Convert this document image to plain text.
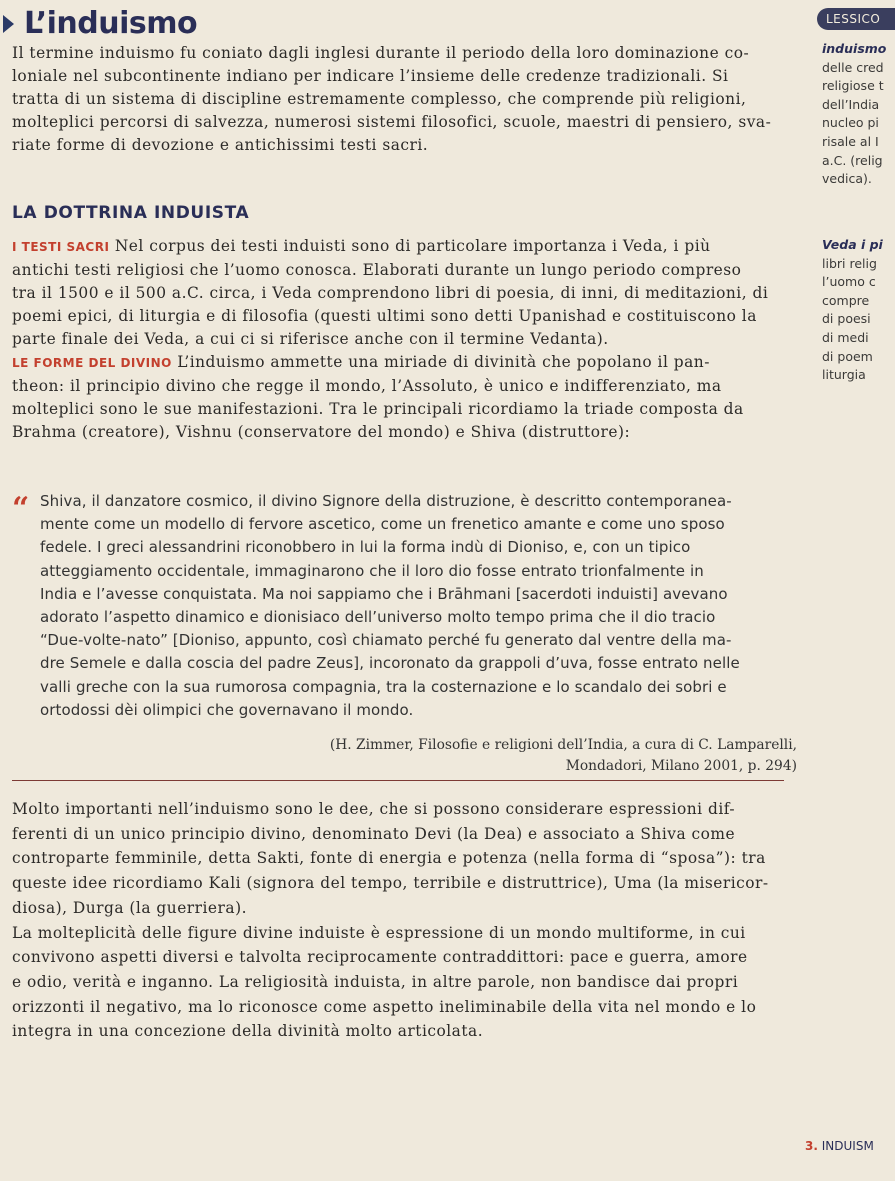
L’induismo	LESSICO
Il termine induismo fu coniato dagli inglesi durante il periodo della loro dominazione co-
loniale nel subcontinente indiano per indicare l’insieme delle credenze tradizionali. Si
tratta di un sistema di discipline estremamente complesso, che comprende più religioni,
molteplici percorsi di salvezza, numerosi sistemi filosofici, scuole, maestri di pensiero, sva-
riate forme di devozione e antichissimi testi sacri.
induismo
delle cred
religiose t
dell’India
nucleo pi
risale al I
a.C. (relig
vedica).
LA DOTTRINA INDUISTA
I TESTI SACRI Nel corpus dei testi induisti sono di particolare importanza i Veda, i più
antichi testi religiosi che l’uomo conosca. Elaborati durante un lungo periodo compreso
tra il 1500 e il 500 a.C. circa, i Veda comprendono libri di poesia, di inni, di meditazioni, di
poemi epici, di liturgia e di filosofia (questi ultimi sono detti Upanishad e costituiscono la
parte finale dei Veda, a cui ci si riferisce anche con il termine Vedanta).
Veda i pi
libri relig
l’uomo c
compre
di poesi
di medi
di poem
liturgia
LE FORME DEL DIVINO L’induismo ammette una miriade di divinità che popolano il pan-
theon: il principio divino che regge il mondo, l’Assoluto, è unico e indifferenziato, ma
molteplici sono le sue manifestazioni. Tra le principali ricordiamo la triade composta da
Brahma (creatore), Vishnu (conservatore del mondo) e Shiva (distruttore):
“ Shiva, il danzatore cosmico, il divino Signore della distruzione, è descritto contemporanea-
mente come un modello di fervore ascetico, come un frenetico amante e come uno sposo
fedele. I greci alessandrini riconobbero in lui la forma indù di Dioniso, e, con un tipico
atteggiamento occidentale, immaginarono che il loro dio fosse entrato trionfalmente in
India e l’avesse conquistata. Ma noi sappiamo che i Brāhmani [sacerdoti induisti] avevano
adorato l’aspetto dinamico e dionisiaco dell’universo molto tempo prima che il dio tracio
“Due-volte-nato” [Dioniso, appunto, così chiamato perché fu generato dal ventre della ma-
dre Semele e dalla coscia del padre Zeus], incoronato da grappoli d’uva, fosse entrato nelle
valli greche con la sua rumorosa compagnia, tra la costernazione e lo scandalo dei sobri e
ortodossi dèi olimpici che governavano il mondo.
(H. Zimmer, Filosofie e religioni dell’India, a cura di C. Lamparelli,
Mondadori, Milano 2001, p. 294)
Molto importanti nell’induismo sono le dee, che si possono considerare espressioni dif-
ferenti di un unico principio divino, denominato Devi (la Dea) e associato a Shiva come
controparte femminile, detta Sakti, fonte di energia e potenza (nella forma di “sposa”): tra
queste idee ricordiamo Kali (signora del tempo, terribile e distruttrice), Uma (la misericor-
diosa), Durga (la guerriera).
La molteplicità delle figure divine induiste è espressione di un mondo multiforme, in cui
convivono aspetti diversi e talvolta reciprocamente contraddittori: pace e guerra, amore
e odio, verità e inganno. La religiosità induista, in altre parole, non bandisce dai propri
orizzonti il negativo, ma lo riconosce come aspetto ineliminabile della vita nel mondo e lo
integra in una concezione della divinità molto articolata.
3. INDUISM
